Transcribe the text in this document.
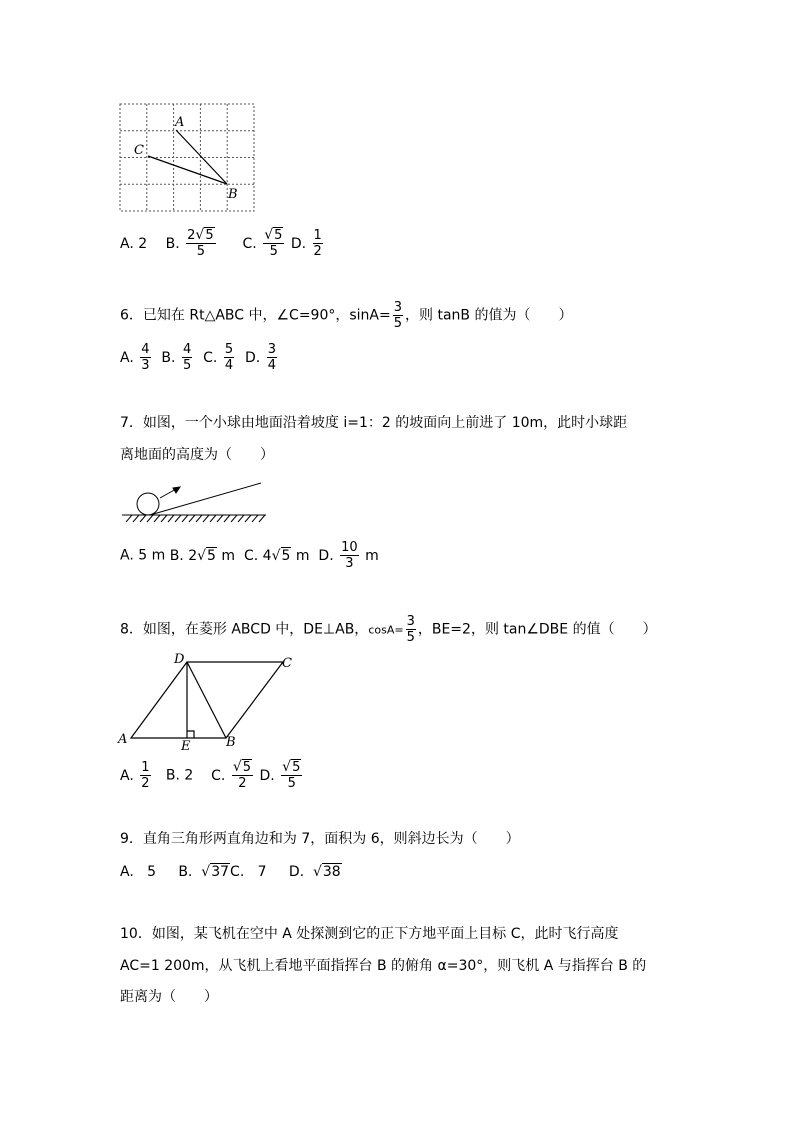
A
C
B
A. 2 B. $\frac{2√5}{5} C$. $\frac{√5}{5} D$. $\frac{1}{2}$
6．已知在 Rt△ABC 中，∠C=90°，$\sin A= \frac{3}{5}$ ，则 tanB 的值为（　　）
A. $\frac{4}{3} B$. $\frac{4}{5} C$. $\frac{5}{4} D$. $\frac{3}{4}$
7．如图，一个小球由地面沿着坡度 i=1：2 的坡面向上前进了 10m，此时小球距
离地面的高度为（　　）
A. 5 m B. 2√5 m C. 4√5 m D. $\frac{10}{3}$ m
8．如图，在菱形 ABCD 中，DE⊥AB，$\cos A= \frac{3}{5}$ ，BE=2，则 tan∠DBE 的值（　　）
D	C
A	E	B
A. $\frac{1}{2} B$. 2 C. $\frac{√5}{2} D$. $\frac{√5}{5}$
9．直角三角形两直角边和为 7，面积为 6，则斜边长为（　　）
A. 5 B. √37C. 7 D. √38
10．如图，某飞机在空中 A 处探测到它的正下方地平面上目标 C，此时飞行高度
AC=1 200m，从飞机上看地平面指挥台 B 的俯角 α=30°，则飞机 A 与指挥台 B 的
距离为（　　）
